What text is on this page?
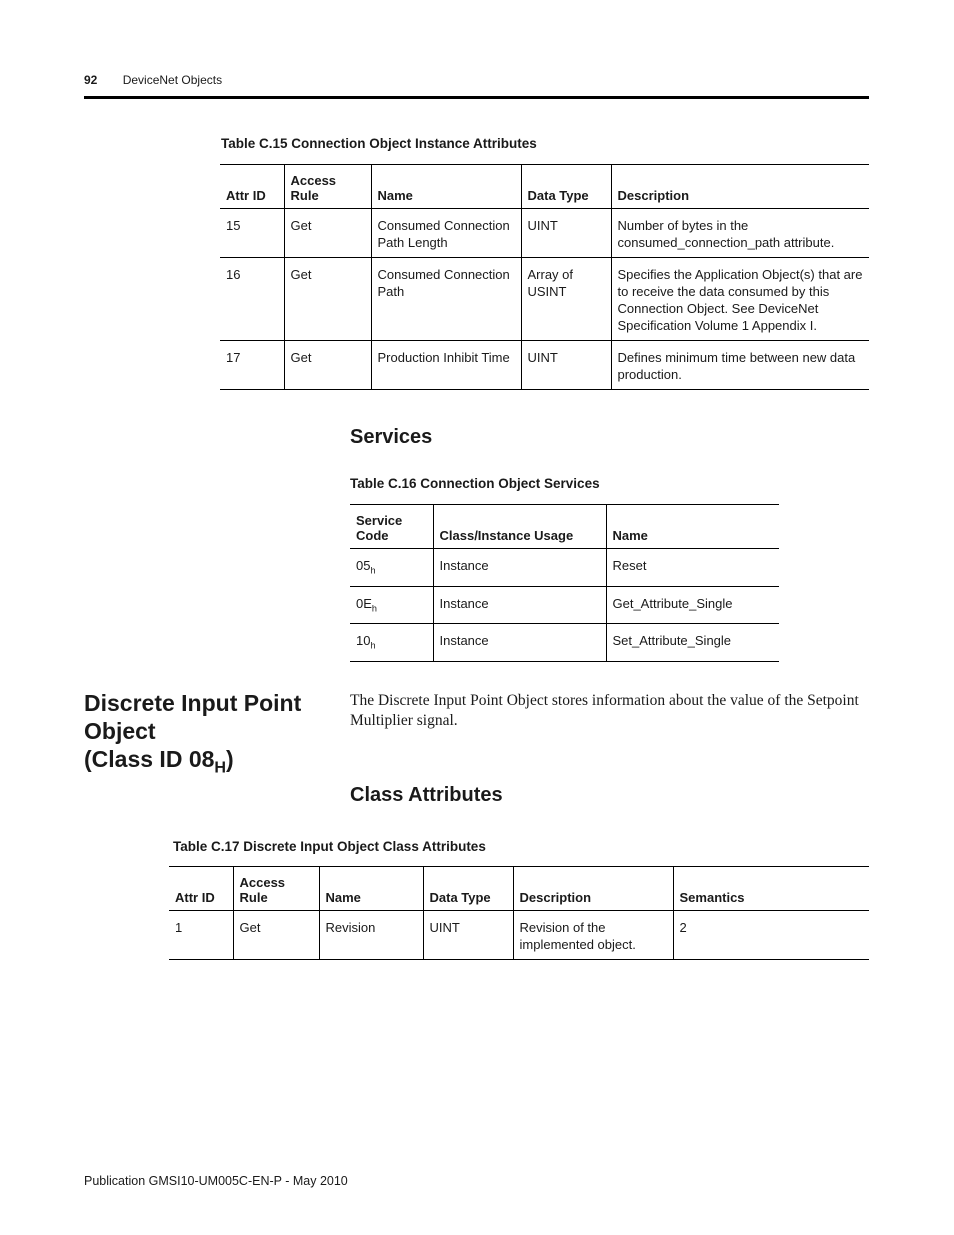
92 DeviceNet Objects
Table C.15 Connection Object Instance Attributes
Attr ID	Access Rule	Name	Data Type	Description
15	Get	Consumed Connection Path Length	UINT	Number of bytes in the consumed_connection_path attribute.
16	Get	Consumed Connection Path	Array of USINT	Specifies the Application Object(s) that are to receive the data consumed by this Connection Object. See DeviceNet Specification Volume 1 Appendix I.
17	Get	Production Inhibit Time	UINT	Defines minimum time between new data production.
Services
Table C.16 Connection Object Services
Service Code	Class/Instance Usage	Name
$05_h$	Instance	Reset
$0E_h$	Instance	Get_Attribute_Single
$10_h$	Instance	Set_Attribute_Single
Discrete Input Point Object
(Class ID $08_H$)
The Discrete Input Point Object stores information about the value of the Setpoint Multiplier signal.
Class Attributes
Table C.17 Discrete Input Object Class Attributes
Attr ID	Access Rule	Name	Data Type	Description	Semantics
1	Get	Revision	UINT	Revision of the implemented object.	2
Publication GMSI10-UM005C-EN-P - May 2010
